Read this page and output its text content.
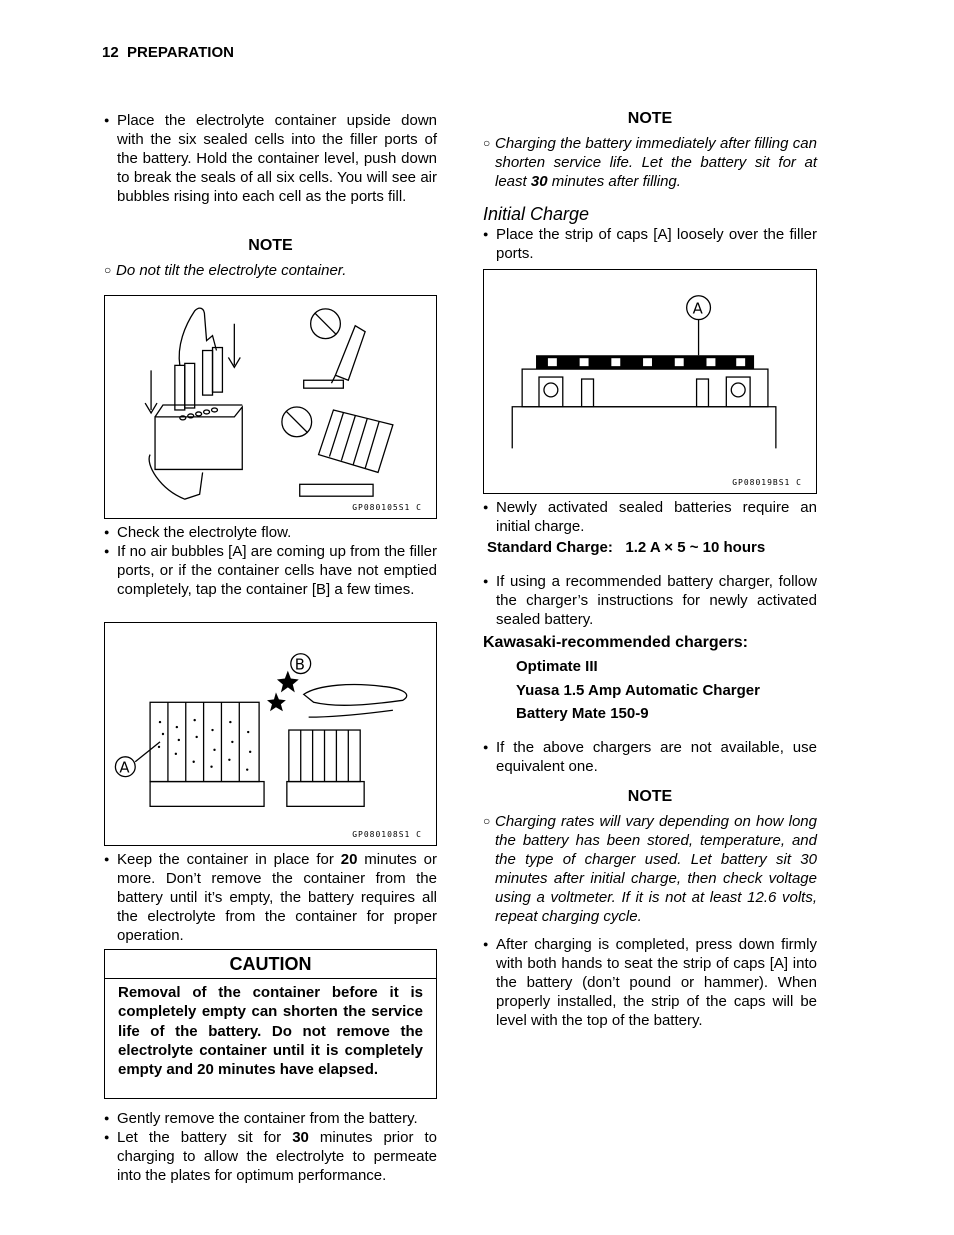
12 PREPARATION
● Place the electrolyte container upside down with the six sealed cells into the filler ports of the battery. Hold the container level, push down to break the seals of all six cells. You will see air bubbles rising into each cell as the ports fill.
NOTE
○ Do not tilt the electrolyte container.
GP080105S1 C
● Check the electrolyte flow.
● If no air bubbles [A] are coming up from the filler ports, or if the container cells have not emptied completely, tap the container [B] a few times.
A
B
GP080108S1 C
● Keep the container in place for 20 minutes or more. Don’t remove the container from the battery until it’s empty, the battery requires all the electrolyte from the container for proper operation.
CAUTION
Removal of the container before it is completely empty can shorten the service life of the battery. Do not remove the electrolyte container until it is completely empty and 20 minutes have elapsed.
● Gently remove the container from the battery.
● Let the battery sit for 30 minutes prior to charging to allow the electrolyte to permeate into the plates for optimum performance.
NOTE
○ Charging the battery immediately after filling can shorten service life. Let the battery sit for at least 30 minutes after filling.
Initial Charge
● Place the strip of caps [A] loosely over the filler ports.
A
GP08019BS1 C
● Newly activated sealed batteries require an initial charge.
Standard Charge: 1.2 A × 5 ~ 10 hours
● If using a recommended battery charger, follow the charger’s instructions for newly activated sealed battery.
Kawasaki-recommended chargers:
Optimate III
Yuasa 1.5 Amp Automatic Charger
Battery Mate 150-9
● If the above chargers are not available, use equivalent one.
NOTE
○ Charging rates will vary depending on how long the battery has been stored, temperature, and the type of charger used. Let battery sit 30 minutes after initial charge, then check voltage using a voltmeter. If it is not at least 12.6 volts, repeat charging cycle.
● After charging is completed, press down firmly with both hands to seat the strip of caps [A] into the battery (don’t pound or hammer). When properly installed, the strip of the caps will be level with the top of the battery.
